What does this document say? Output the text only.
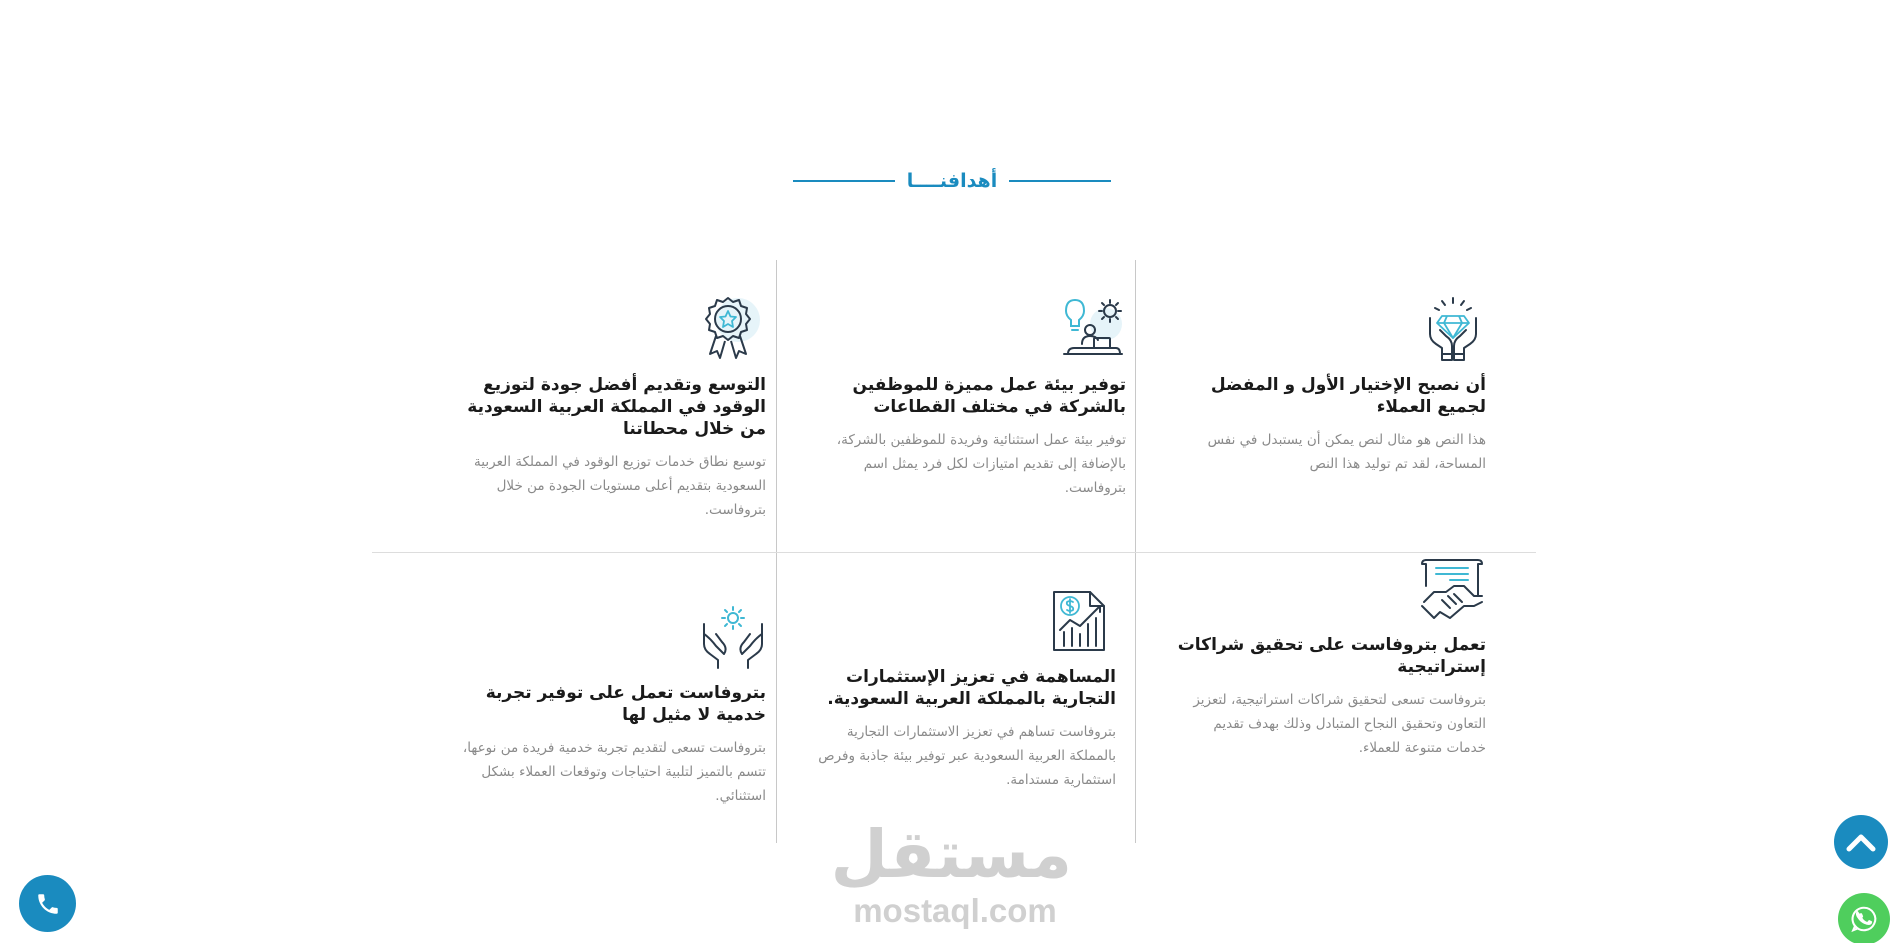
أهدافنــــا
أن نصبح الإختيار الأول و المفضل لجميع العملاء

هذا النص هو مثال لنص يمكن أن يستبدل في نفس المساحة، لقد تم توليد هذا النص

توفير بيئة عمل مميزة للموظفين بالشركة في مختلف القطاعات

توفير بيئة عمل استثنائية وفريدة للموظفين بالشركة، بالإضافة إلى تقديم امتيازات لكل فرد يمثل اسم بتروفاست.

التوسع وتقديم أفضل جودة لتوزيع الوقود في المملكة العربية السعودية من خلال محطاتنا

توسيع نطاق خدمات توزيع الوقود في المملكة العربية السعودية بتقديم أعلى مستويات الجودة من خلال بتروفاست.

تعمل بتروفاست على تحقيق شراكات إستراتيجية

بتروفاست تسعى لتحقيق شراكات استراتيجية، لتعزيز التعاون وتحقيق النجاح المتبادل وذلك بهدف تقديم خدمات متنوعة للعملاء.

المساهمة في تعزيز الإستثمارات التجارية بالمملكة العربية السعودية.

بتروفاست تساهم في تعزيز الاستثمارات التجارية بالمملكة العربية السعودية عبر توفير بيئة جاذبة وفرص استثمارية مستدامة.

بتروفاست تعمل على توفير تجربة خدمية لا مثيل لها

بتروفاست تسعى لتقديم تجربة خدمية فريدة من نوعها، تتسم بالتميز لتلبية احتياجات وتوقعات العملاء بشكل استثنائي.

مستقل
mostaql.com
